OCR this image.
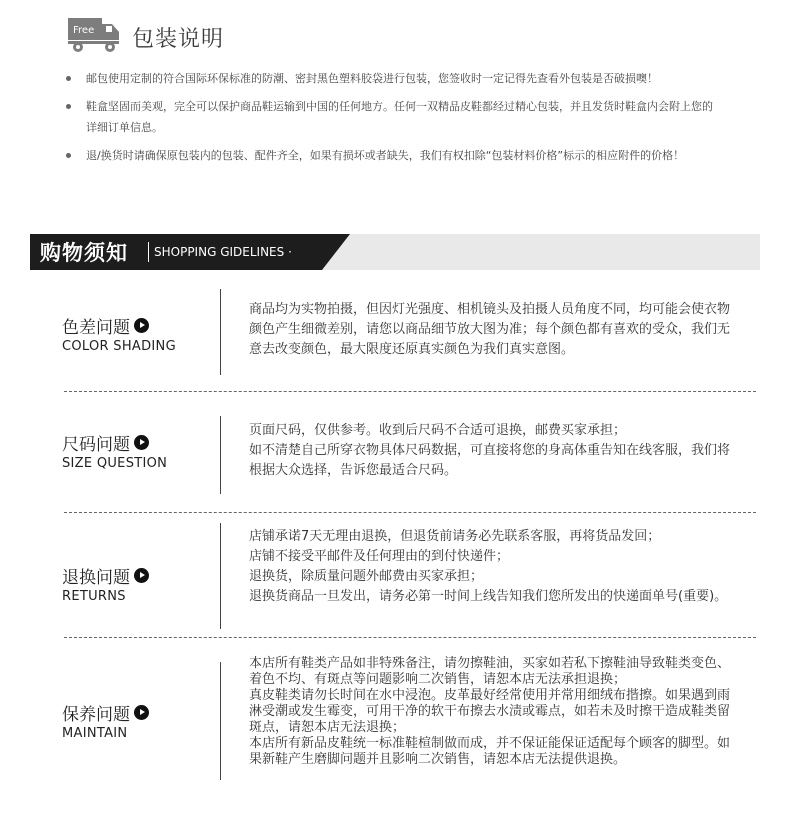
Free 包装说明
邮包使用定制的符合国际环保标准的防潮、密封黑色塑料胶袋进行包装，您签收时一定记得先查看外包装是否破损噢！
鞋盒坚固而美观，完全可以保护商品鞋运输到中国的任何地方。任何一双精品皮鞋都经过精心包装，并且发货时鞋盒内会附上您的详细订单信息。
退/换货时请确保原包装内的包装、配件齐全，如果有损坏或者缺失，我们有权扣除“包装材料价格”标示的相应附件的价格！
购物须知 SHOPPING GIDELINES ·
色差问题
COLOR SHADING
商品均为实物拍摄，但因灯光强度、相机镜头及拍摄人员角度不同，均可能会使衣物颜色产生细微差别，请您以商品细节放大图为准；每个颜色都有喜欢的受众，我们无意去改变颜色，最大限度还原真实颜色为我们真实意图。
尺码问题
SIZE QUESTION
页面尺码，仅供参考。收到后尺码不合适可退换，邮费买家承担；
如不清楚自己所穿衣物具体尺码数据，可直接将您的身高体重告知在线客服，我们将根据大众选择，告诉您最适合尺码。
退换问题
RETURNS
店铺承诺7天无理由退换，但退货前请务必先联系客服，再将货品发回；
店铺不接受平邮件及任何理由的到付快递件；
退换货，除质量问题外邮费由买家承担；
退换货商品一旦发出，请务必第一时间上线告知我们您所发出的快递面单号(重要)。
保养问题
MAINTAIN
本店所有鞋类产品如非特殊备注，请勿擦鞋油，买家如若私下擦鞋油导致鞋类变色、着色不均、有斑点等问题影响二次销售，请恕本店无法承担退换；
真皮鞋类请勿长时间在水中浸泡。皮革最好经常使用并常用细绒布揩擦。如果遇到雨淋受潮或发生霉变，可用干净的软干布擦去水渍或霉点，如若未及时擦干造成鞋类留斑点，请恕本店无法退换；
本店所有新品皮鞋统一标准鞋楦制做而成，并不保证能保证适配每个顾客的脚型。如果新鞋产生磨脚问题并且影响二次销售，请恕本店无法提供退换。
